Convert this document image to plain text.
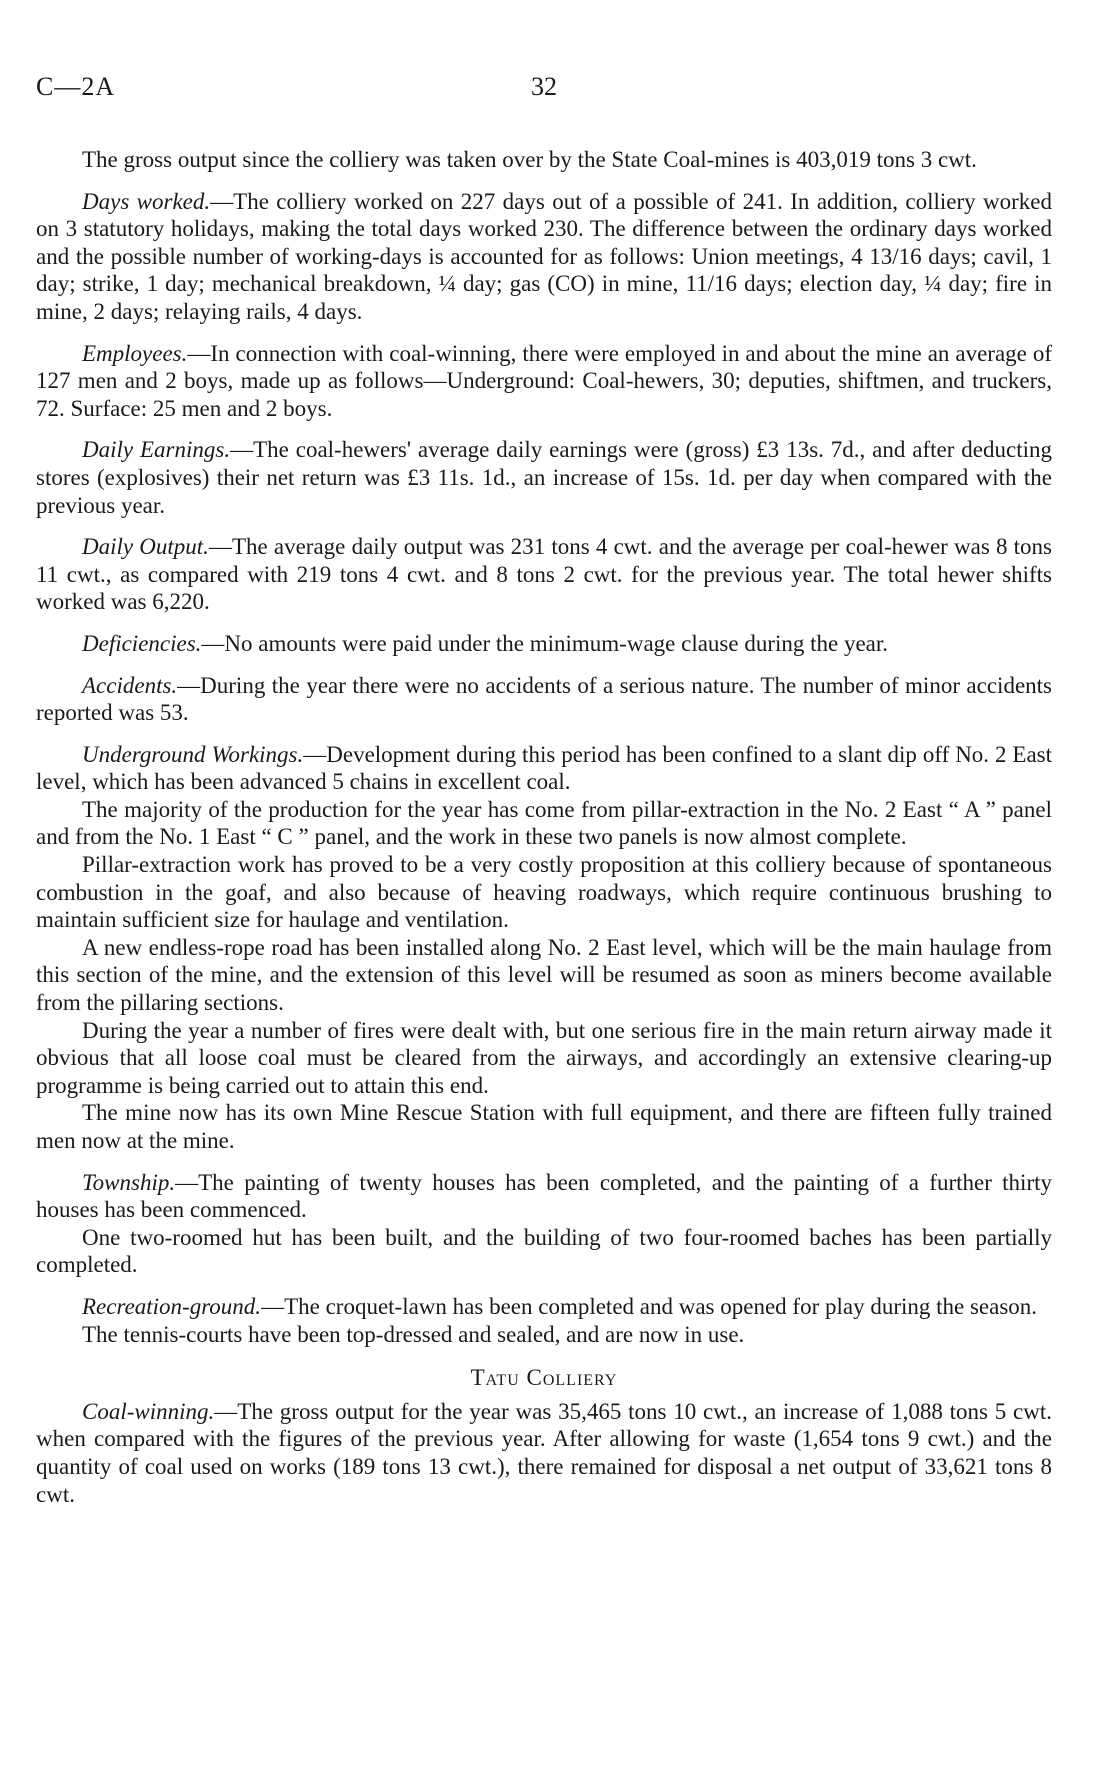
C—2A	32

The gross output since the colliery was taken over by the State Coal-mines is 403,019 tons 3 cwt.

Days worked.—The colliery worked on 227 days out of a possible of 241. In addition, colliery worked on 3 statutory holidays, making the total days worked 230. The difference between the ordinary days worked and the possible number of working-days is accounted for as follows: Union meetings, 4 13/16 days; cavil, 1 day; strike, 1 day; mechanical breakdown, ¼ day; gas (CO) in mine, 11/16 days; election day, ¼ day; fire in mine, 2 days; relaying rails, 4 days.

Employees.—In connection with coal-winning, there were employed in and about the mine an average of 127 men and 2 boys, made up as follows—Underground: Coal-hewers, 30; deputies, shiftmen, and truckers, 72. Surface: 25 men and 2 boys.

Daily Earnings.—The coal-hewers' average daily earnings were (gross) £3 13s. 7d., and after deducting stores (explosives) their net return was £3 11s. 1d., an increase of 15s. 1d. per day when compared with the previous year.

Daily Output.—The average daily output was 231 tons 4 cwt. and the average per coal-hewer was 8 tons 11 cwt., as compared with 219 tons 4 cwt. and 8 tons 2 cwt. for the previous year. The total hewer shifts worked was 6,220.

Deficiencies.—No amounts were paid under the minimum-wage clause during the year.

Accidents.—During the year there were no accidents of a serious nature. The number of minor accidents reported was 53.

Underground Workings.—Development during this period has been confined to a slant dip off No. 2 East level, which has been advanced 5 chains in excellent coal.

The majority of the production for the year has come from pillar-extraction in the No. 2 East “ A ” panel and from the No. 1 East “ C ” panel, and the work in these two panels is now almost complete.

Pillar-extraction work has proved to be a very costly proposition at this colliery because of spontaneous combustion in the goaf, and also because of heaving roadways, which require continuous brushing to maintain sufficient size for haulage and ventilation.

A new endless-rope road has been installed along No. 2 East level, which will be the main haulage from this section of the mine, and the extension of this level will be resumed as soon as miners become available from the pillaring sections.

During the year a number of fires were dealt with, but one serious fire in the main return airway made it obvious that all loose coal must be cleared from the airways, and accordingly an extensive clearing-up programme is being carried out to attain this end.

The mine now has its own Mine Rescue Station with full equipment, and there are fifteen fully trained men now at the mine.

Township.—The painting of twenty houses has been completed, and the painting of a further thirty houses has been commenced.

One two-roomed hut has been built, and the building of two four-roomed baches has been partially completed.

Recreation-ground.—The croquet-lawn has been completed and was opened for play during the season.

The tennis-courts have been top-dressed and sealed, and are now in use.

Tatu Colliery

Coal-winning.—The gross output for the year was 35,465 tons 10 cwt., an increase of 1,088 tons 5 cwt. when compared with the figures of the previous year. After allowing for waste (1,654 tons 9 cwt.) and the quantity of coal used on works (189 tons 13 cwt.), there remained for disposal a net output of 33,621 tons 8 cwt.
